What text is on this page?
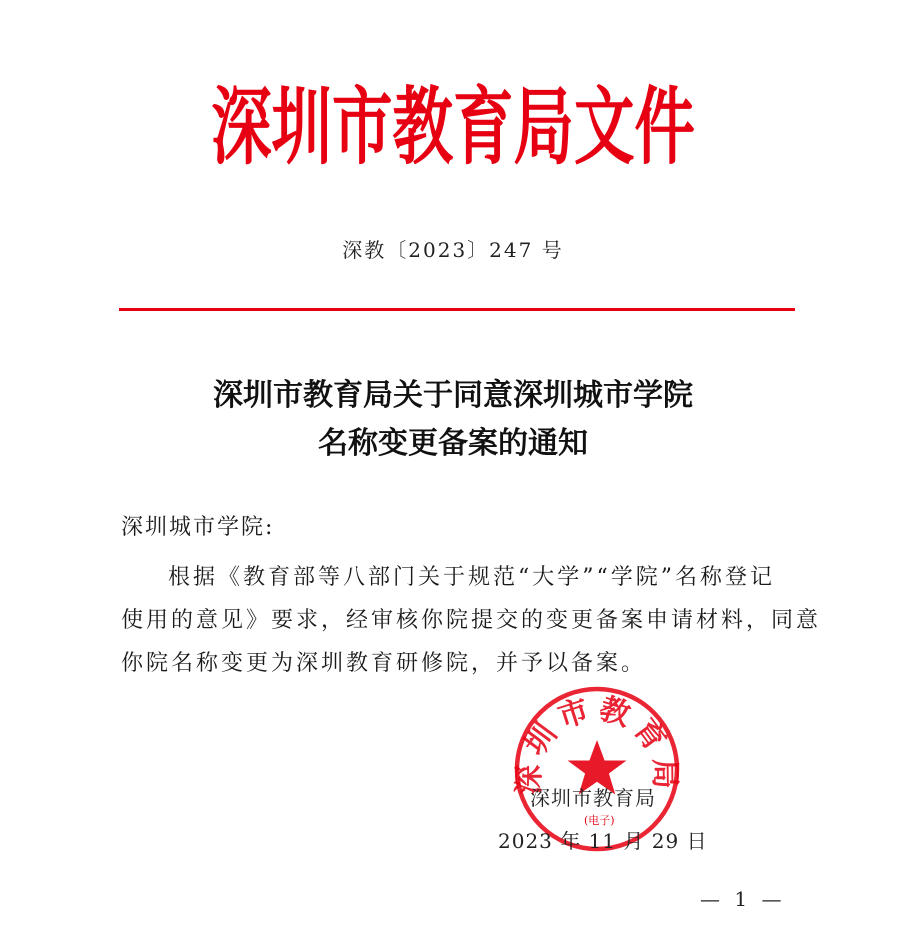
深圳市教育局文件
深教〔2023〕247 号
深圳市教育局关于同意深圳城市学院
名称变更备案的通知
深圳城市学院:
根据《教育部等八部门关于规范“大学”“学院”名称登记
使用的意见》要求，经审核你院提交的变更备案申请材料，同意
你院名称变更为深圳教育研修院，并予以备案。
深圳市教育局
深圳市教育局
(电子)
2023 年 11 月 29 日
— 1 —
